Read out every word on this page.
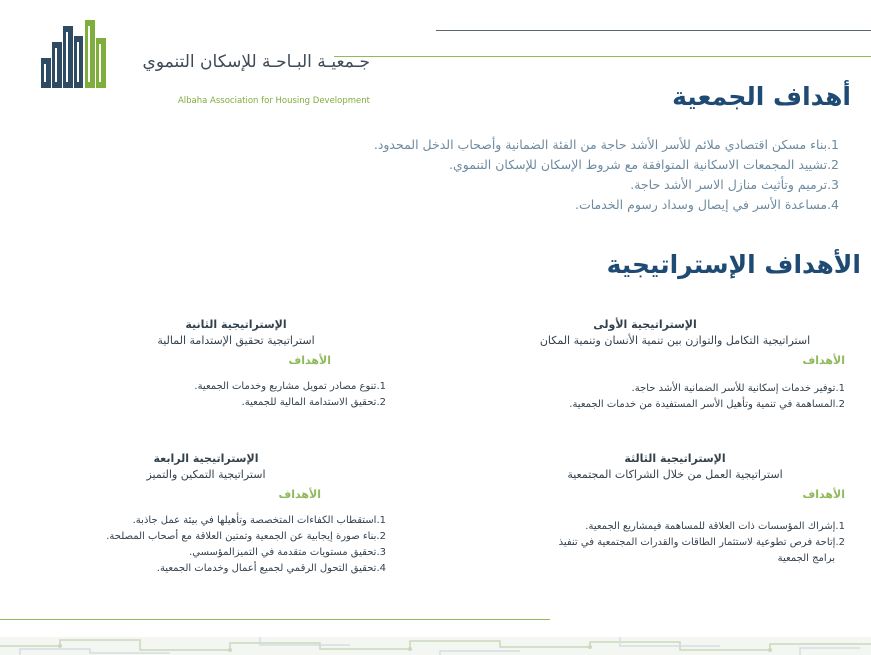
جـمعيـة البـاحـة للإسكان التنموي
Albaha Association for Housing Development	أهداف الجمعية
1.بناء مسكن اقتصادي ملائم للأسر الأشد حاجة من الفئة الضمانية وأصحاب الدخل المحدود.
2.تشييد المجمعات الاسكانية المتوافقة مع شروط الإسكان للإسكان التنموي.
3.ترميم وتأثيث منازل الاسر الأشد حاجة.
4.مساعدة الأسر في إيصال وسداد رسوم الخدمات.
الأهداف الإستراتيجية
الإستراتيجية الأولى
استراتيجية التكامل والتوازن بين تنمية الأنسان وتنمية المكان
الأهداف
1.توفير خدمات إسكانية للأسر الضمانية الأشد حاجة.
2.المساهمة في تنمية وتأهيل الأسر المستفيدة من خدمات الجمعية.
الإستراتيجية الثانية
استراتيجية تحقيق الإستدامة المالية
الأهداف
1.تنوع مصادر تمويل مشاريع وخدمات الجمعية.
2.تحقيق الاستدامة المالية للجمعية.
الإستراتيجية الثالثة
استراتيجية العمل من خلال الشراكات المجتمعية
الأهداف
1.إشراك المؤسسات ذات العلاقة للمساهمة فيمشاريع الجمعية.
2.إتاحة فرص تطوعية لاستثمار الطاقات والقدرات المجتمعية في تنفيذ
برامج الجمعية
الإستراتيجية الرابعة
استراتيجية التمكين والتميز
الأهداف
1.استقطاب الكفاءات المتخصصة وتأهيلها في بيئة عمل جاذبة.
2.بناء صورة إيجابية عن الجمعية وتمتين العلاقة مع أصحاب المصلحة.
3.تحقيق مستويات متقدمة في التميزالمؤسسي.
4.تحقيق التحول الرقمي لجميع أعمال وخدمات الجمعية.
